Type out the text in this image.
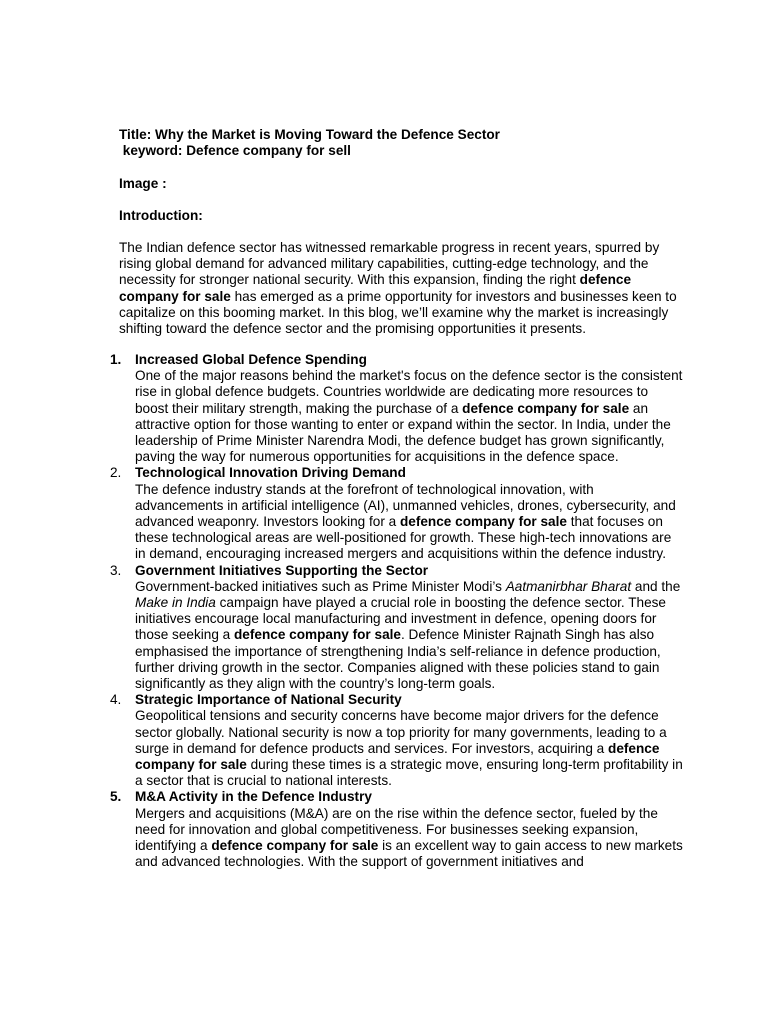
Title: Why the Market is Moving Toward the Defence Sector
keyword: Defence company for sell
Image :
Introduction:

The Indian defence sector has witnessed remarkable progress in recent years, spurred by rising global demand for advanced military capabilities, cutting-edge technology, and the necessity for stronger national security. With this expansion, finding the right defence company for sale has emerged as a prime opportunity for investors and businesses keen to capitalize on this booming market. In this blog, we’ll examine why the market is increasingly shifting toward the defence sector and the promising opportunities it presents.

1. Increased Global Defence Spending
One of the major reasons behind the market's focus on the defence sector is the consistent rise in global defence budgets. Countries worldwide are dedicating more resources to boost their military strength, making the purchase of a defence company for sale an attractive option for those wanting to enter or expand within the sector. In India, under the leadership of Prime Minister Narendra Modi, the defence budget has grown significantly, paving the way for numerous opportunities for acquisitions in the defence space.
2. Technological Innovation Driving Demand
The defence industry stands at the forefront of technological innovation, with advancements in artificial intelligence (AI), unmanned vehicles, drones, cybersecurity, and advanced weaponry. Investors looking for a defence company for sale that focuses on these technological areas are well-positioned for growth. These high-tech innovations are in demand, encouraging increased mergers and acquisitions within the defence industry.
3. Government Initiatives Supporting the Sector
Government-backed initiatives such as Prime Minister Modi’s Aatmanirbhar Bharat and the Make in India campaign have played a crucial role in boosting the defence sector. These initiatives encourage local manufacturing and investment in defence, opening doors for those seeking a defence company for sale. Defence Minister Rajnath Singh has also emphasised the importance of strengthening India’s self-reliance in defence production, further driving growth in the sector. Companies aligned with these policies stand to gain significantly as they align with the country’s long-term goals.
4. Strategic Importance of National Security
Geopolitical tensions and security concerns have become major drivers for the defence sector globally. National security is now a top priority for many governments, leading to a surge in demand for defence products and services. For investors, acquiring a defence company for sale during these times is a strategic move, ensuring long-term profitability in a sector that is crucial to national interests.
5. M&A Activity in the Defence Industry
Mergers and acquisitions (M&A) are on the rise within the defence sector, fueled by the need for innovation and global competitiveness. For businesses seeking expansion, identifying a defence company for sale is an excellent way to gain access to new markets and advanced technologies. With the support of government initiatives and
